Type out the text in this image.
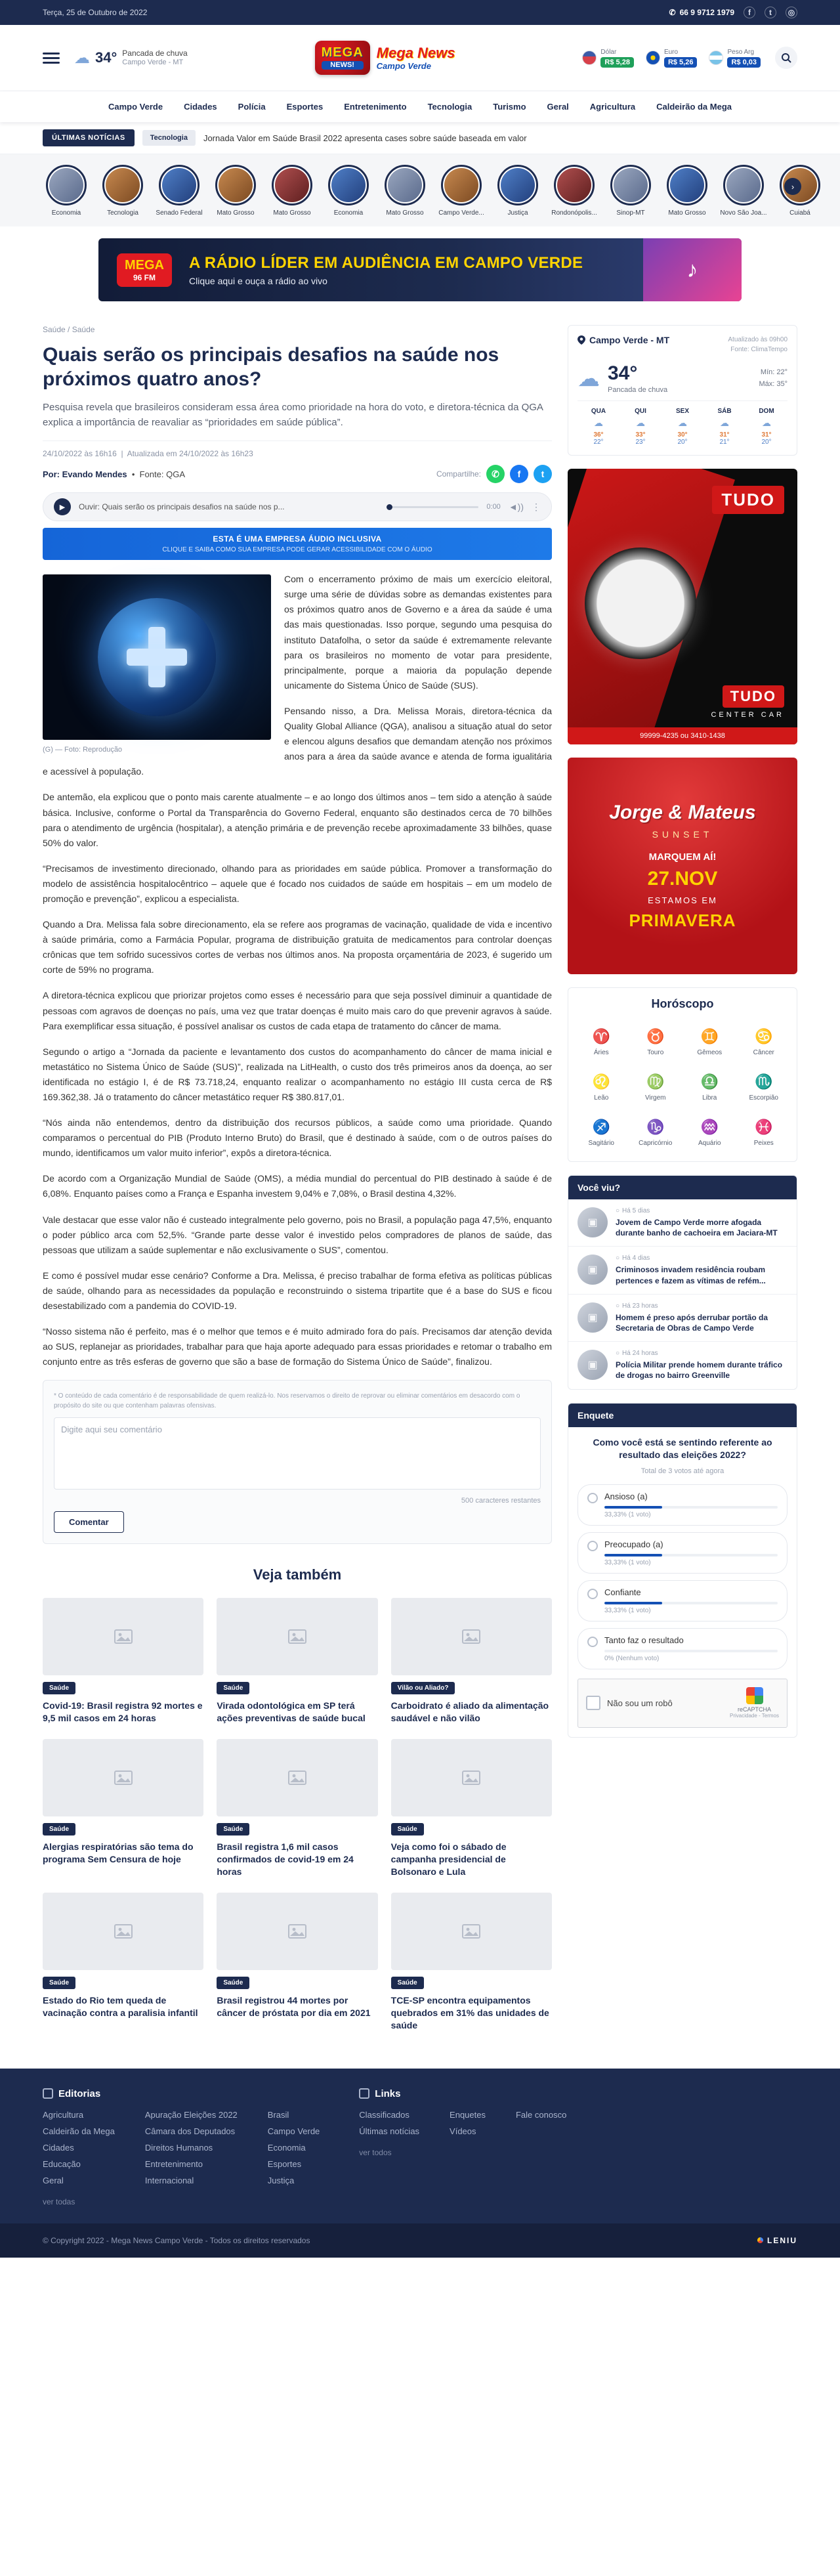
Terça, 25 de Outubro de 2022	✆ 66 9 9712 1979	f	t	◎
☁ 34° Pancada de chuva
Campo Verde - MT
MEGA
NEWS!
Mega News
Campo Verde
Dólar
R$ 5,28
Euro
R$ 5,26
Peso Arg
R$ 0,03
Campo Verde	Cidades	Polícia	Esportes	Entretenimento	Tecnologia	Turismo	Geral	Agricultura	Caldeirão da Mega
ÚLTIMAS NOTÍCIAS	Tecnologia	Jornada Valor em Saúde Brasil 2022 apresenta cases sobre saúde baseada em valor
Economia	Tecnologia	Senado Federal	Mato Grosso	Mato Grosso	Economia	Mato Grosso	Campo Verde...	Justiça	Rondonópolis...	Sinop-MT	Mato Grosso	Novo São Joa...	Cuiabá
›
MEGA
96 FM
A RÁDIO LÍDER EM AUDIÊNCIA EM CAMPO VERDE
Clique aqui e ouça a rádio ao vivo	♪
Saúde / Saúde
Quais serão os principais desafios na saúde nos próximos quatro anos?

Pesquisa revela que brasileiros consideram essa área como prioridade na hora do voto, e diretora-técnica da QGA explica a importância de reavaliar as “prioridades em saúde pública”.

24/10/2022 às 16h16  |  Atualizada em 24/10/2022 às 16h23
Por: Evando Mendes  •  Fonte: QGA	Compartilhe:	✆	f	t
▶	Ouvir: Quais serão os principais desafios na saúde nos p...	0:00 ◄)) ⋮
ESTA É UMA EMPRESA ÁUDIO INCLUSIVA
CLIQUE E SAIBA COMO SUA EMPRESA PODE GERAR ACESSIBILIDADE COM O ÁUDIO
(G) — Foto: Reprodução

Com o encerramento próximo de mais um exercício eleitoral, surge uma série de dúvidas sobre as demandas existentes para os próximos quatro anos de Governo e a área da saúde é uma das mais questionadas. Isso porque, segundo uma pesquisa do instituto Datafolha, o setor da saúde é extremamente relevante para os brasileiros no momento de votar para presidente, principalmente, porque a maioria da população depende unicamente do Sistema Único de Saúde (SUS).

Pensando nisso, a Dra. Melissa Morais, diretora-técnica da Quality Global Alliance (QGA), analisou a situação atual do setor e elencou alguns desafios que demandam atenção nos próximos anos para a área da saúde avance e atenda de forma igualitária e acessível à população.

De antemão, ela explicou que o ponto mais carente atualmente – e ao longo dos últimos anos – tem sido a atenção à saúde básica. Inclusive, conforme o Portal da Transparência do Governo Federal, enquanto são destinados cerca de 70 bilhões para o atendimento de urgência (hospitalar), a atenção primária e de prevenção recebe aproximadamente 33 bilhões, quase 50% do valor.

“Precisamos de investimento direcionado, olhando para as prioridades em saúde pública. Promover a transformação do modelo de assistência hospitalocêntrico – aquele que é focado nos cuidados de saúde em hospitais – em um modelo de promoção e prevenção”, explicou a especialista.

Quando a Dra. Melissa fala sobre direcionamento, ela se refere aos programas de vacinação, qualidade de vida e incentivo à saúde primária, como a Farmácia Popular, programa de distribuição gratuita de medicamentos para controlar doenças crônicas que tem sofrido sucessivos cortes de verbas nos últimos anos. Na proposta orçamentária de 2023, é sugerido um corte de 59% no programa.

A diretora-técnica explicou que priorizar projetos como esses é necessário para que seja possível diminuir a quantidade de pessoas com agravos de doenças no país, uma vez que tratar doenças é muito mais caro do que prevenir agravos à saúde. Para exemplificar essa situação, é possível analisar os custos de cada etapa de tratamento do câncer de mama.

Segundo o artigo a “Jornada da paciente e levantamento dos custos do acompanhamento do câncer de mama inicial e metastático no Sistema Único de Saúde (SUS)”, realizada na LitHealth, o custo dos três primeiros anos da doença, ao ser identificada no estágio I, é de R$ 73.718,24, enquanto realizar o acompanhamento no estágio III custa cerca de R$ 169.362,38. Já o tratamento do câncer metastático requer R$ 380.817,01.

“Nós ainda não entendemos, dentro da distribuição dos recursos públicos, a saúde como uma prioridade. Quando comparamos o percentual do PIB (Produto Interno Bruto) do Brasil, que é destinado à saúde, com o de outros países do mundo, identificamos um valor muito inferior”, expôs a diretora-técnica.

De acordo com a Organização Mundial de Saúde (OMS), a média mundial do percentual do PIB destinado à saúde é de 6,08%. Enquanto países como a França e Espanha investem 9,04% e 7,08%, o Brasil destina 4,32%.

Vale destacar que esse valor não é custeado integralmente pelo governo, pois no Brasil, a população paga 47,5%, enquanto o poder público arca com 52,5%. “Grande parte desse valor é investido pelos compradores de planos de saúde, das pessoas que utilizam a saúde suplementar e não exclusivamente o SUS”, comentou.

E como é possível mudar esse cenário? Conforme a Dra. Melissa, é preciso trabalhar de forma efetiva as políticas públicas de saúde, olhando para as necessidades da população e reconstruindo o sistema tripartite que é a base do SUS e ficou desestabilizado com a pandemia do COVID-19.

“Nosso sistema não é perfeito, mas é o melhor que temos e é muito admirado fora do país. Precisamos dar atenção devida ao SUS, replanejar as prioridades, trabalhar para que haja aporte adequado para essas prioridades e retomar o trabalho em conjunto entre as três esferas de governo que são a base de formação do Sistema Único de Saúde”, finalizou.

* O conteúdo de cada comentário é de responsabilidade de quem realizá-lo. Nos reservamos o direito de reprovar ou eliminar comentários em desacordo com o propósito do site ou que contenham palavras ofensivas.
Digite aqui seu comentário
500 caracteres restantes
Comentar
Veja também
Saúde
Covid-19: Brasil registra 92 mortes e 9,5 mil casos em 24 horas
Saúde
Virada odontológica em SP terá ações preventivas de saúde bucal
Vilão ou Aliado?
Carboidrato é aliado da alimentação saudável e não vilão
Saúde
Alergias respiratórias são tema do programa Sem Censura de hoje
Saúde
Brasil registra 1,6 mil casos confirmados de covid-19 em 24 horas
Saúde
Veja como foi o sábado de campanha presidencial de Bolsonaro e Lula
Saúde
Estado do Rio tem queda de vacinação contra a paralisia infantil
Saúde
Brasil registrou 44 mortes por câncer de próstata por dia em 2021
Saúde
TCE-SP encontra equipamentos quebrados em 31% das unidades de saúde
Campo Verde - MT	Atualizado às 09h00
Fonte: ClimaTempo
☁ 34°
Pancada de chuva
Mín: 22°
Máx: 35°
QUA
☁
36°
22°
QUI
☁
33°
23°
SEX
☁
30°
20°
SÁB
☁
31°
21°
DOM
☁
31°
20°
TUDO
TUDO
CENTER CAR
99999-4235 ou 3410-1438
Jorge & Mateus
SUNSET
MARQUEM AÍ!
27.NOV
ESTAMOS EM
PRIMAVERA
Horóscopo
♈
Áries
♉
Touro
♊
Gêmeos
♋
Câncer
♌
Leão
♍
Virgem
♎
Libra
♏
Escorpião
♐
Sagitário
♑
Capricórnio
♒
Aquário
♓
Peixes
Você viu?
▣
○ Há 5 dias
Jovem de Campo Verde morre afogada durante banho de cachoeira em Jaciara-MT
▣
○ Há 4 dias
Criminosos invadem residência roubam pertences e fazem as vítimas de refém...
▣
○ Há 23 horas
Homem é preso após derrubar portão da Secretaria de Obras de Campo Verde
▣
○ Há 24 horas
Polícia Militar prende homem durante tráfico de drogas no bairro Greenville
Enquete
Como você está se sentindo referente ao resultado das eleições 2022?
Total de 3 votos até agora
Ansioso (a)
33,33% (1 voto)
Preocupado (a)
33,33% (1 voto)
Confiante
33,33% (1 voto)
Tanto faz o resultado
0% (Nenhum voto)
Não sou um robô
reCAPTCHA
Privacidade - Termos
Editorias
Agricultura
Caldeirão da Mega
Cidades
Educação
Geral
Apuração Eleições 2022
Câmara dos Deputados
Direitos Humanos
Entretenimento
Internacional
Brasil
Campo Verde
Economia
Esportes
Justiça
ver todas
Links
Classificados
Últimas notícias
Enquetes
Vídeos
Fale conosco
ver todos
© Copyright 2022 - Mega News Campo Verde - Todos os direitos reservados	LENIU
